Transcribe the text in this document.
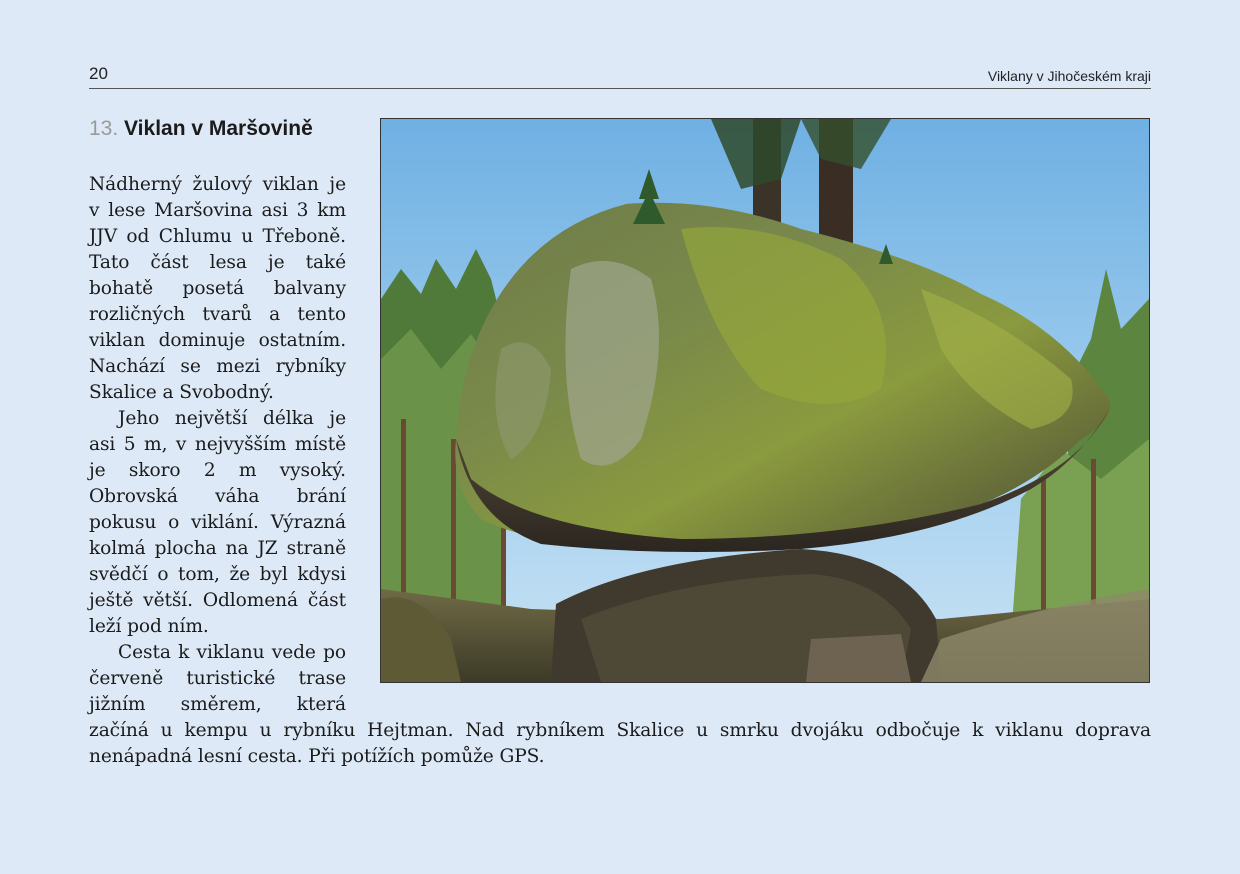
20	Viklany v Jihočeském kraji
13. Viklan v Maršovině

Nádherný žulový viklan je v lese Maršovina asi 3 km JJV od Chlumu u Třeboně. Tato část lesa je také bohatě posetá balvany rozličných tvarů a tento viklan dominuje ostatním. Nachází se mezi rybníky Skalice a Svobodný.

Jeho největší délka je asi 5 m, v nejvyšším místě je skoro 2 m vysoký. Obrovská váha brání pokusu o viklání. Výrazná kolmá plocha na JZ straně svědčí o tom, že byl kdysi ještě větší. Odlomená část leží pod ním.

Cesta k viklanu vede po červeně turistické trase jižním směrem, která začíná u kempu u rybníku Hejtman. Nad rybníkem Skalice u smrku dvojáku odbočuje k viklanu doprava nenápadná lesní cesta. Při potížích pomůže GPS.
